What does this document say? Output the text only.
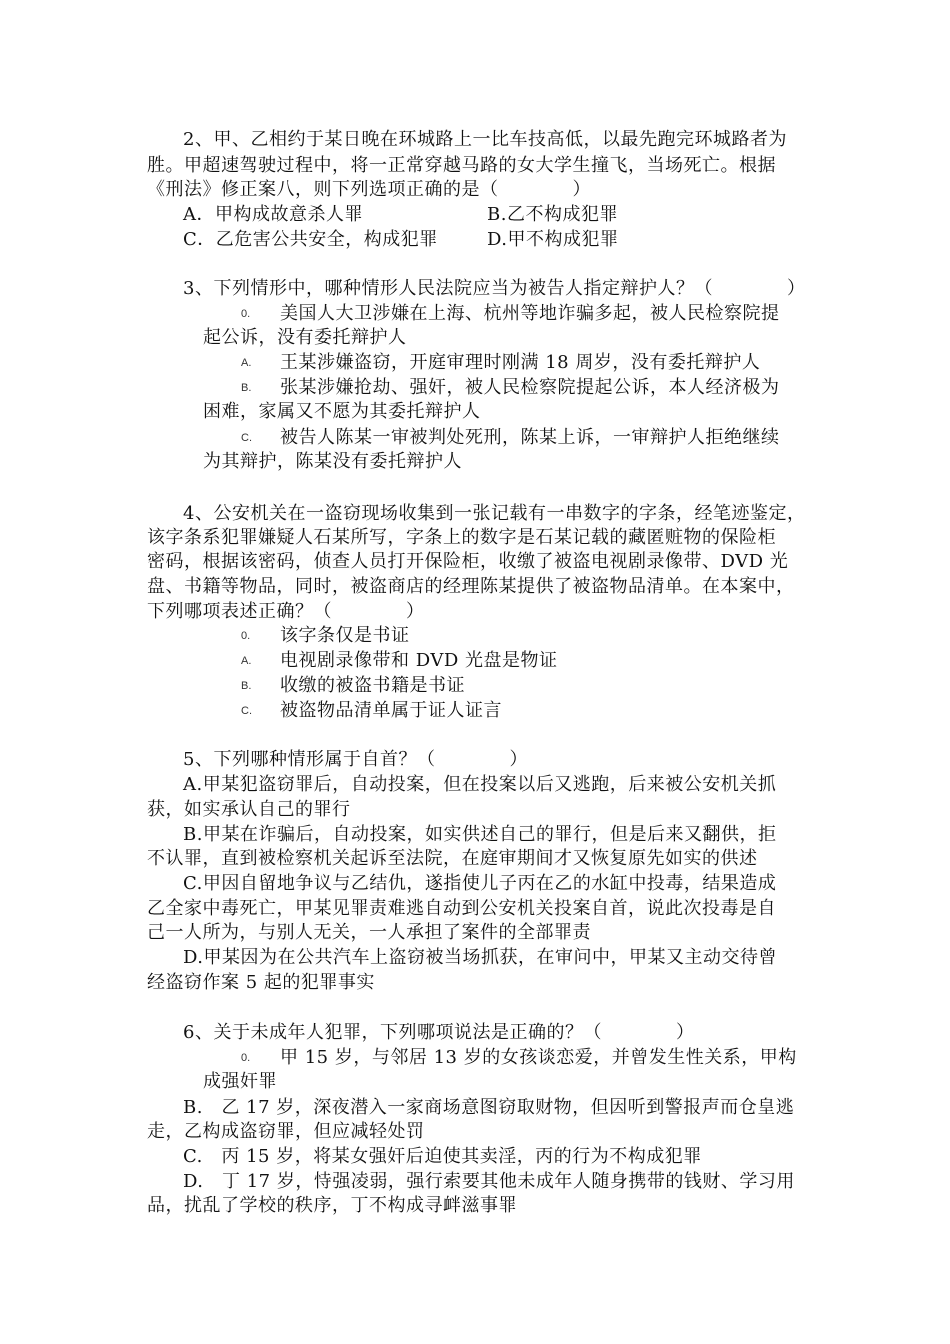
2、甲、乙相约于某日晚在环城路上一比车技高低，以最先跑完环城路者为
胜。甲超速驾驶过程中，将一正常穿越马路的女大学生撞飞，当场死亡。根据
《刑法》修正案八，则下列选项正确的是（　　　　）
A．甲构成故意杀人罪	B.乙不构成犯罪
C．乙危害公共安全，构成犯罪	D.甲不构成犯罪
3、下列情形中，哪种情形人民法院应当为被告人指定辩护人？（　　　　）
0. 美国人大卫涉嫌在上海、杭州等地诈骗多起，被人民检察院提
起公诉，没有委托辩护人
A. 王某涉嫌盗窃，开庭审理时刚满 18 周岁，没有委托辩护人
B. 张某涉嫌抢劫、强奸，被人民检察院提起公诉，本人经济极为
困难，家属又不愿为其委托辩护人
C. 被告人陈某一审被判处死刑，陈某上诉，一审辩护人拒绝继续
为其辩护，陈某没有委托辩护人
4、公安机关在一盗窃现场收集到一张记载有一串数字的字条，经笔迹鉴定，
该字条系犯罪嫌疑人石某所写，字条上的数字是石某记载的藏匿赃物的保险柜
密码，根据该密码，侦查人员打开保险柜，收缴了被盗电视剧录像带、DVD 光
盘、书籍等物品，同时，被盗商店的经理陈某提供了被盗物品清单。在本案中，
下列哪项表述正确？（　　　　）
0. 该字条仅是书证
A. 电视剧录像带和 DVD 光盘是物证
B. 收缴的被盗书籍是书证
C. 被盗物品清单属于证人证言
5、下列哪种情形属于自首？（　　　　）
A.甲某犯盗窃罪后，自动投案，但在投案以后又逃跑，后来被公安机关抓
获，如实承认自己的罪行
B.甲某在诈骗后，自动投案，如实供述自己的罪行，但是后来又翻供，拒
不认罪，直到被检察机关起诉至法院，在庭审期间才又恢复原先如实的供述
C.甲因自留地争议与乙结仇，遂指使儿子丙在乙的水缸中投毒，结果造成
乙全家中毒死亡，甲某见罪责难逃自动到公安机关投案自首，说此次投毒是自
己一人所为，与别人无关，一人承担了案件的全部罪责
D.甲某因为在公共汽车上盗窃被当场抓获，在审问中，甲某又主动交待曾
经盗窃作案 5 起的犯罪事实
6、关于未成年人犯罪，下列哪项说法是正确的？（　　　　）
0. 甲 15 岁，与邻居 13 岁的女孩谈恋爱，并曾发生性关系，甲构
成强奸罪
B.　乙 17 岁，深夜潜入一家商场意图窃取财物，但因听到警报声而仓皇逃
走，乙构成盗窃罪，但应减轻处罚
C.　丙 15 岁，将某女强奸后迫使其卖淫，丙的行为不构成犯罪
D.　丁 17 岁，恃强凌弱，强行索要其他未成年人随身携带的钱财、学习用
品，扰乱了学校的秩序，丁不构成寻衅滋事罪
